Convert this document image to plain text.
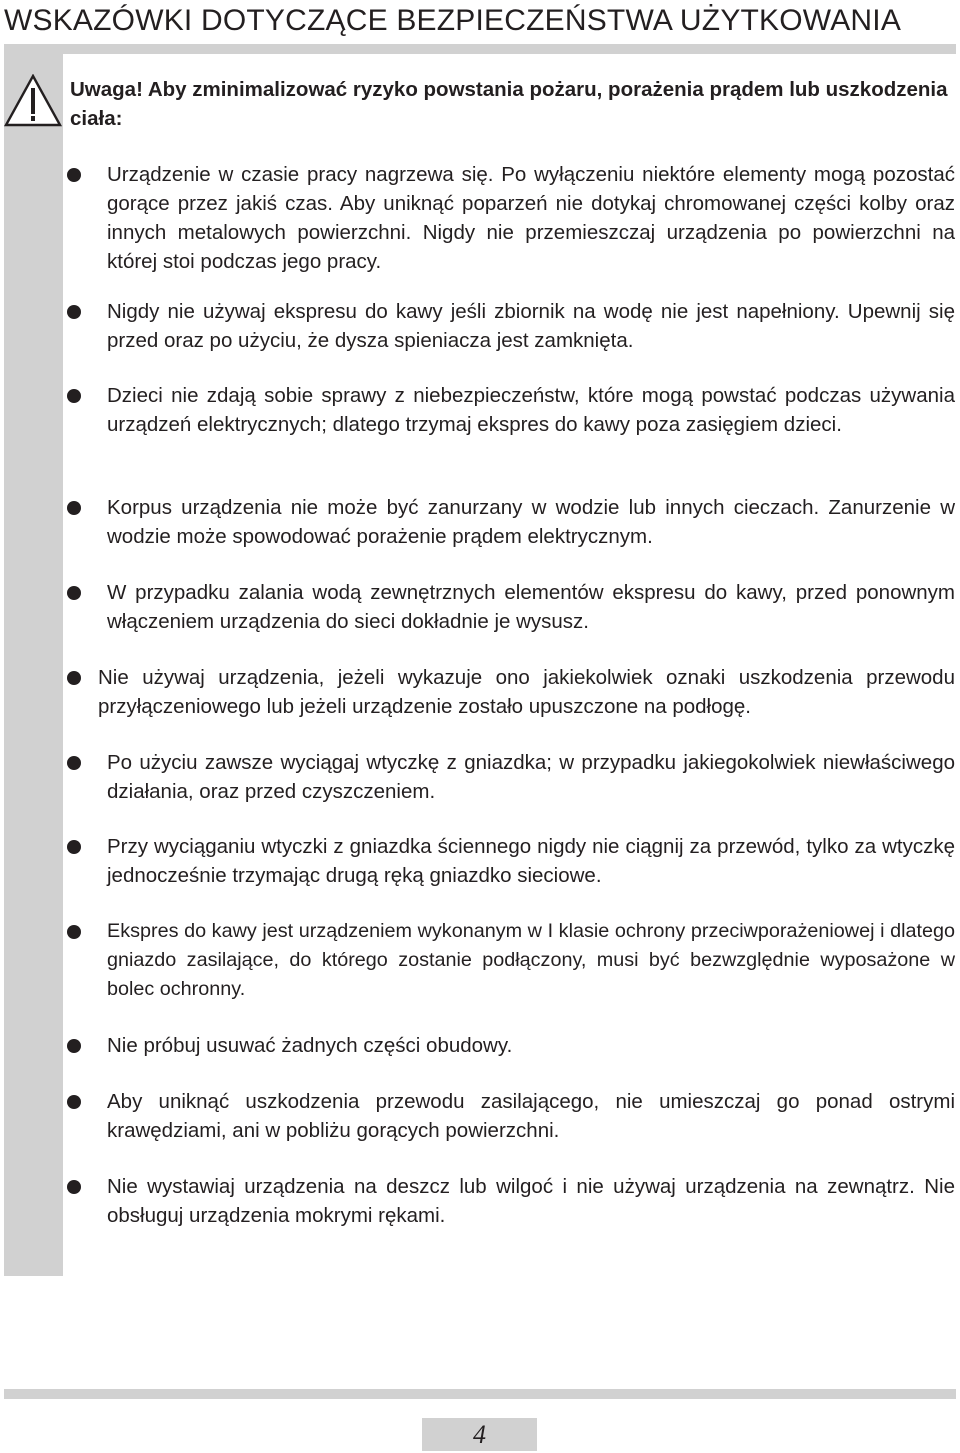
WSKAZÓWKI DOTYCZĄCE BEZPIECZEŃSTWA UŻYTKOWANIA
Uwaga! Aby zminimalizować ryzyko powstania pożaru, porażenia prądem lub uszkodzenia ciała:
Urządzenie w czasie pracy nagrzewa się. Po wyłączeniu niektóre elementy mogą pozostać gorące przez jakiś czas. Aby uniknąć poparzeń nie dotykaj chromowanej części kolby oraz innych metalowych powierzchni. Nigdy nie przemieszczaj urządzenia po powierzchni na której stoi podczas jego pracy.
Nigdy nie używaj ekspresu do kawy jeśli zbiornik na wodę nie jest napełniony. Upewnij się przed oraz po użyciu, że dysza spieniacza jest zamknięta.
Dzieci nie zdają sobie sprawy z niebezpieczeństw, które mogą powstać podczas używania urządzeń elektrycznych; dlatego trzymaj ekspres do kawy poza zasięgiem dzieci.
Korpus urządzenia nie może być zanurzany w wodzie lub innych cieczach. Zanurzenie w wodzie może spowodować porażenie prądem elektrycznym.
W przypadku zalania wodą zewnętrznych elementów ekspresu do kawy, przed ponownym włączeniem urządzenia do sieci dokładnie je wysusz.
Nie używaj urządzenia, jeżeli wykazuje ono jakiekolwiek oznaki uszkodzenia przewodu przyłączeniowego lub jeżeli urządzenie zostało upuszczone na podłogę.
Po użyciu zawsze wyciągaj wtyczkę z gniazdka; w przypadku jakiegokolwiek niewłaściwego działania, oraz przed czyszczeniem.
Przy wyciąganiu wtyczki z gniazdka ściennego nigdy nie ciągnij za przewód, tylko za wtyczkę jednocześnie trzymając drugą ręką gniazdko sieciowe.
Ekspres do kawy jest urządzeniem wykonanym w I klasie ochrony przeciwporażeniowej i dlatego gniazdo zasilające, do którego zostanie podłączony, musi być bezwzględnie wyposażone w bolec ochronny.
Nie próbuj usuwać żadnych części obudowy.
Aby uniknąć uszkodzenia przewodu zasilającego, nie umieszczaj go ponad ostrymi krawędziami, ani w pobliżu gorących powierzchni.
Nie wystawiaj urządzenia na deszcz lub wilgoć i nie używaj urządzenia na zewnątrz. Nie obsługuj urządzenia mokrymi rękami.
4
